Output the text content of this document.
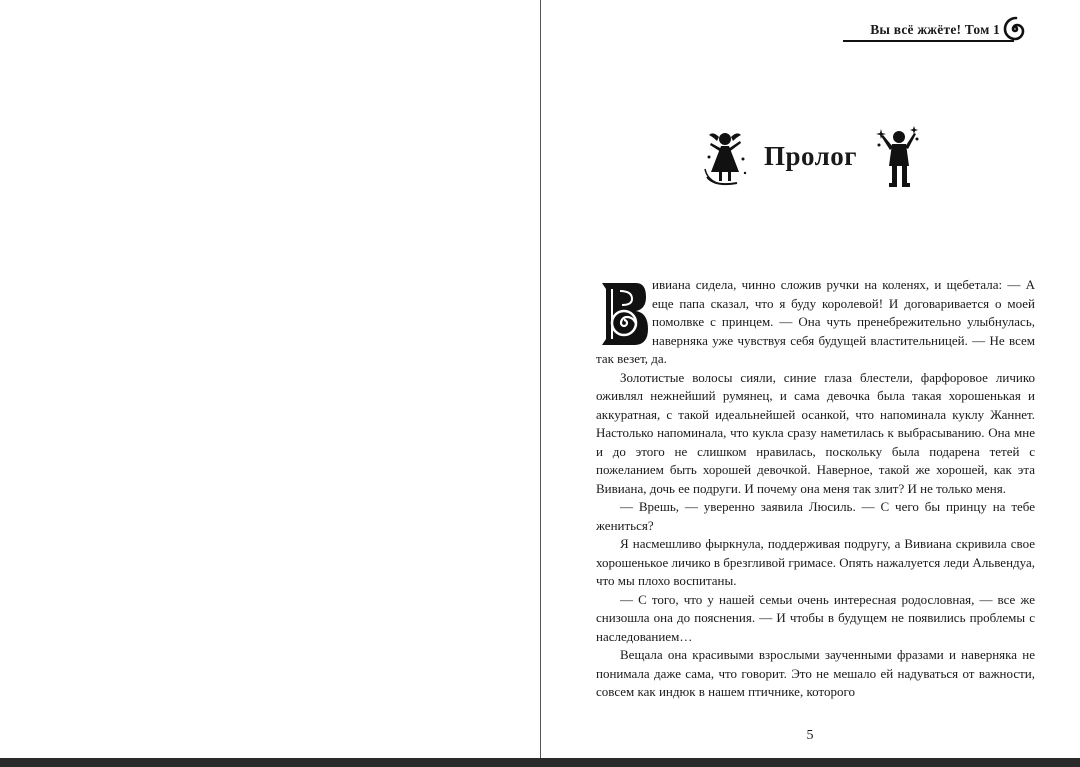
Вы всё жжёте! Том 1
Пролог

ивиана сидела, чинно сложив ручки на коленях, и щебетала: — А еще папа сказал, что я буду королевой! И договаривается о моей помолвке с принцем. — Она чуть пренебрежительно улыбнулась, наверняка уже чувствуя себя будущей властительницей. — Не всем так везет, да.

Золотистые волосы сияли, синие глаза блестели, фарфоровое личико оживлял нежнейший румянец, и сама девочка была такая хорошенькая и аккуратная, с такой идеальнейшей осанкой, что напоминала куклу Жаннет. Настолько напоминала, что кукла сразу наметилась к выбрасыванию. Она мне и до этого не слишком нравилась, поскольку была подарена тетей с пожеланием быть хорошей девочкой. Наверное, такой же хорошей, как эта Вивиана, дочь ее подруги. И почему она меня так злит? И не только меня.

— Врешь, — уверенно заявила Люсиль. — С чего бы принцу на тебе жениться?

Я насмешливо фыркнула, поддерживая подругу, а Вивиана скривила свое хорошенькое личико в брезгливой гримасе. Опять нажалуется леди Альвендуа, что мы плохо воспитаны.

— С того, что у нашей семьи очень интересная родословная, — все же снизошла она до пояснения. — И чтобы в будущем не появились проблемы с наследованием…

Вещала она красивыми взрослыми заученными фразами и наверняка не понимала даже сама, что говорит. Это не мешало ей надуваться от важности, совсем как индюк в нашем птичнике, которого

5
